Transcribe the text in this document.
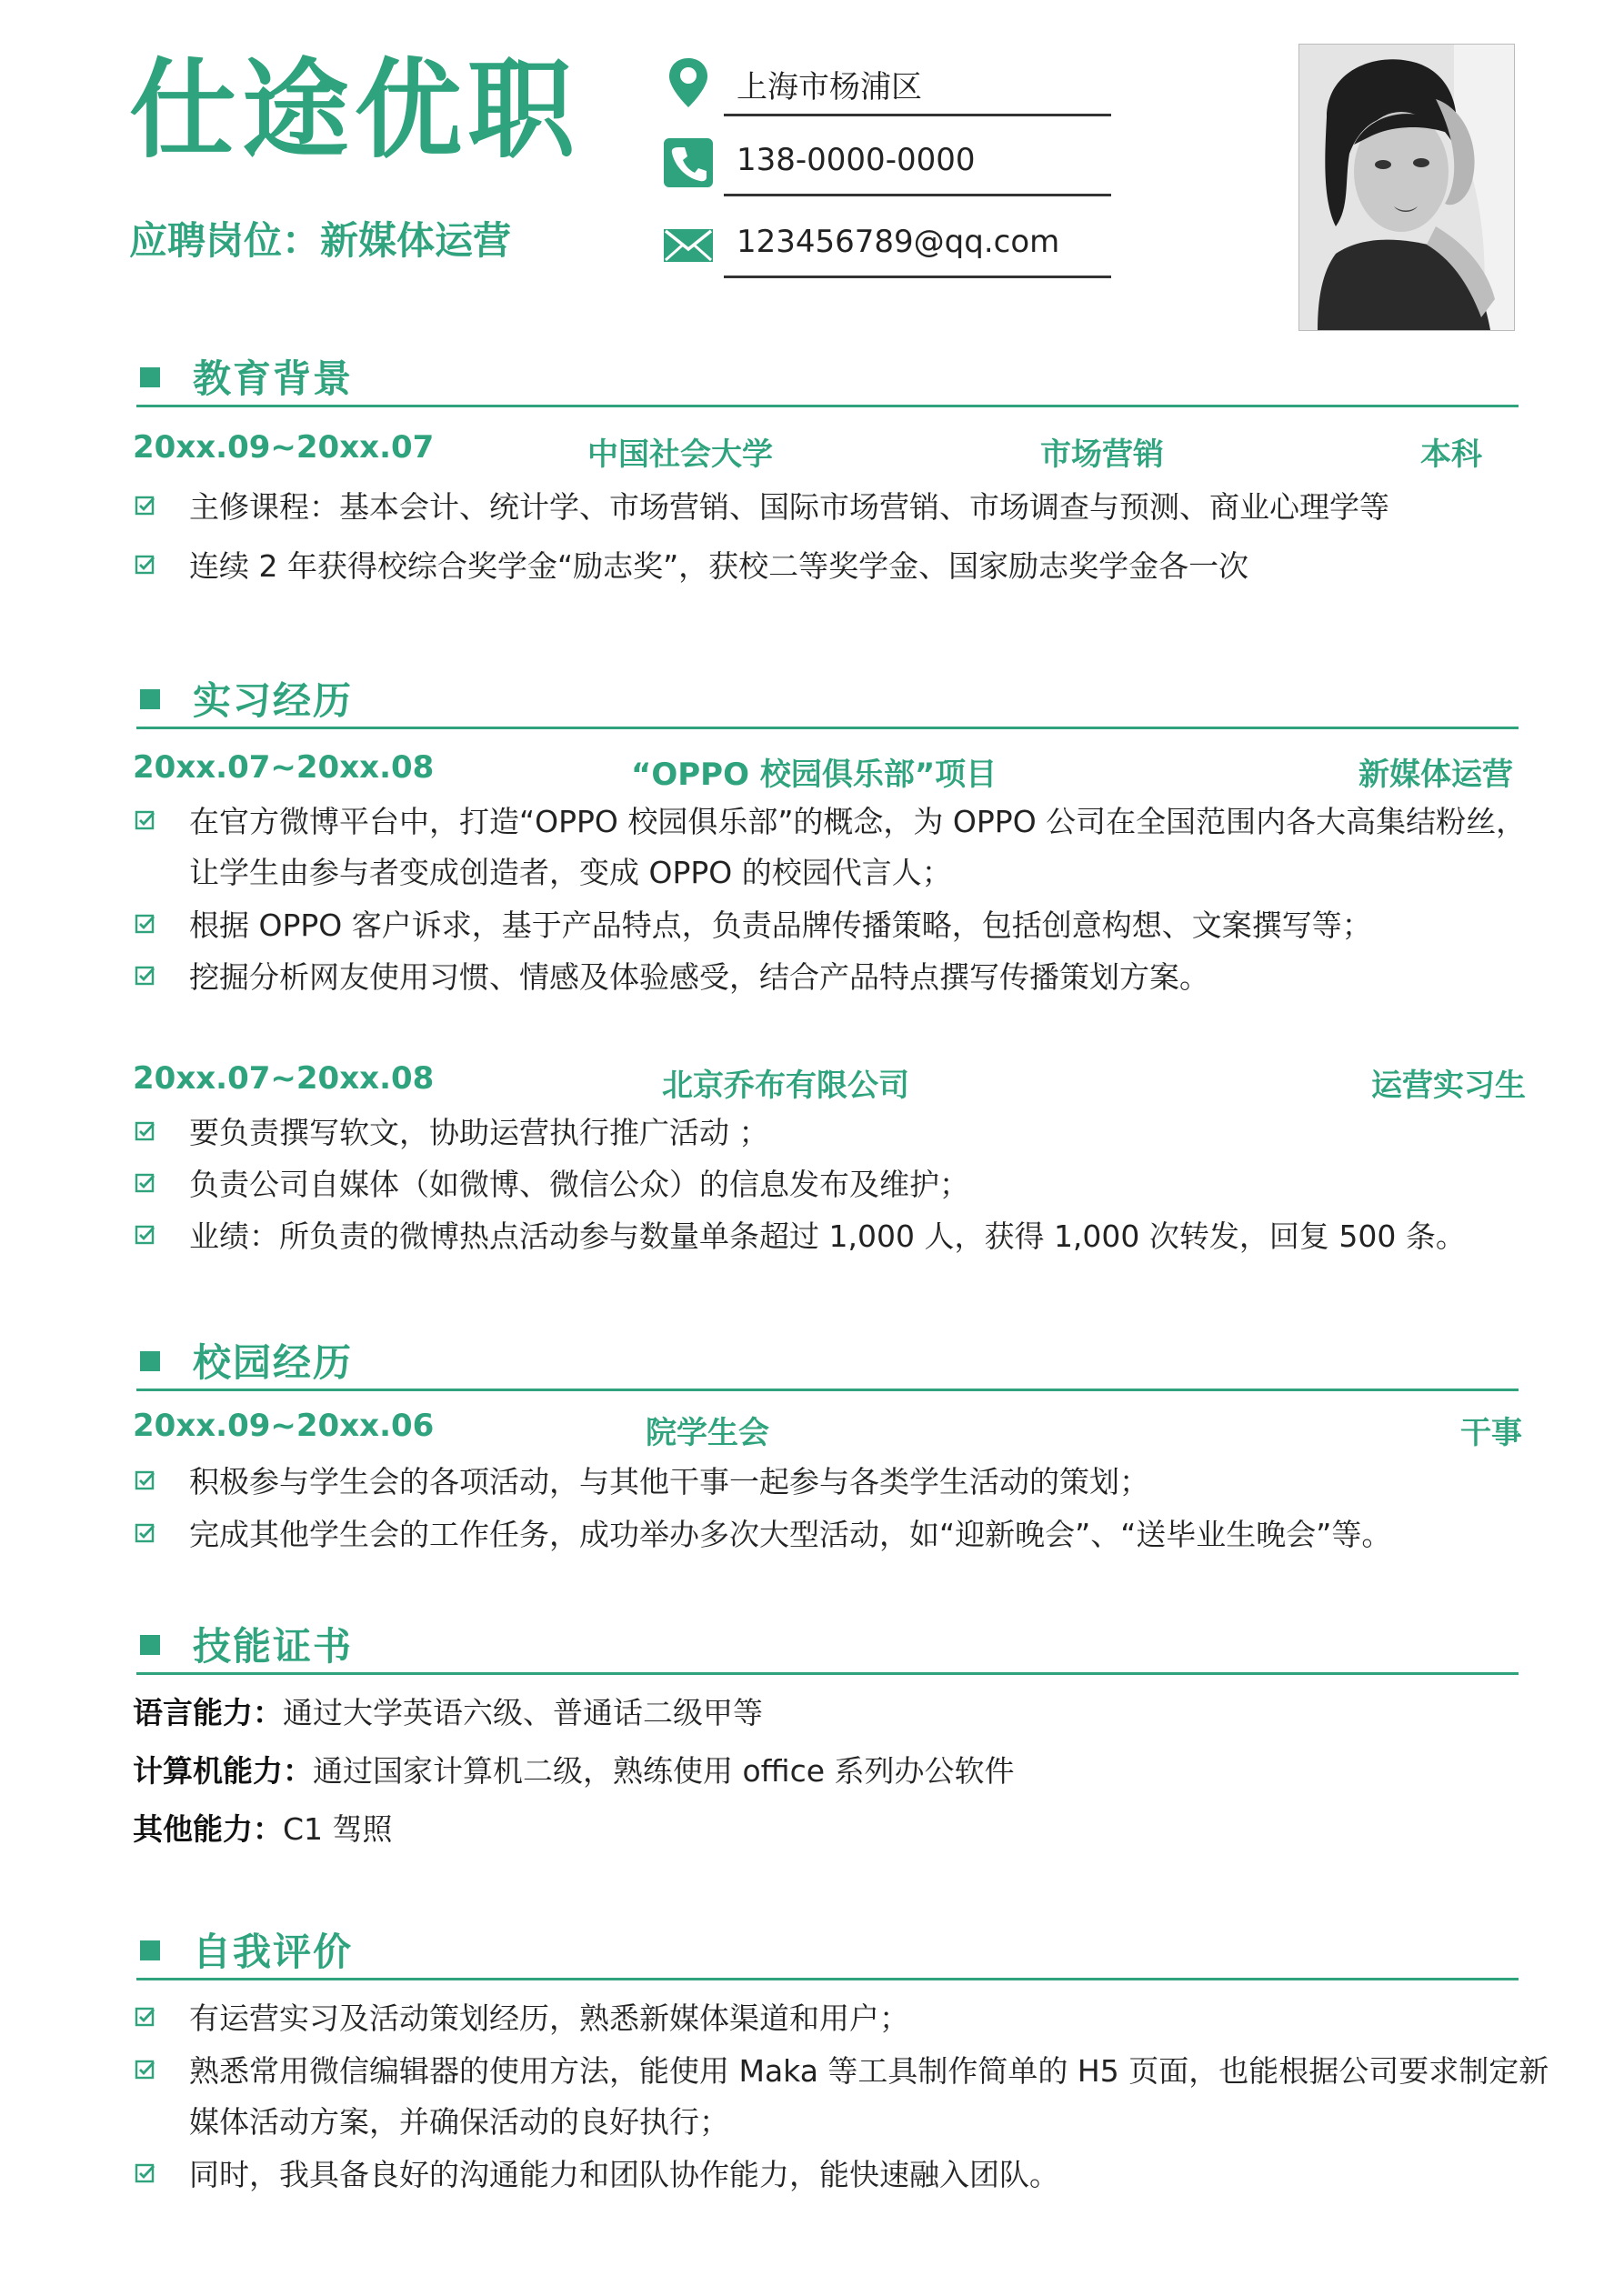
仕途优职
应聘岗位：新媒体运营
上海市杨浦区
138-0000-0000
123456789@qq.com
教育背景
20xx.09~20xx.07	中国社会大学	市场营销	本科
主修课程：基本会计、统计学、市场营销、国际市场营销、市场调查与预测、商业心理学等
连续 2 年获得校综合奖学金“励志奖”，获校二等奖学金、国家励志奖学金各一次
实习经历
20xx.07~20xx.08	“OPPO 校园俱乐部”项目	新媒体运营
在官方微博平台中，打造“OPPO 校园俱乐部”的概念，为 OPPO 公司在全国范围内各大高集结粉丝，让学生由参与者变成创造者，变成 OPPO 的校园代言人；
根据 OPPO 客户诉求，基于产品特点，负责品牌传播策略，包括创意构想、文案撰写等；
挖掘分析网友使用习惯、情感及体验感受，结合产品特点撰写传播策划方案。
20xx.07~20xx.08	北京乔布有限公司	运营实习生
要负责撰写软文，协助运营执行推广活动 ；
负责公司自媒体（如微博、微信公众）的信息发布及维护；
业绩：所负责的微博热点活动参与数量单条超过 1,000 人，获得 1,000 次转发，回复 500 条。
校园经历
20xx.09~20xx.06	院学生会	干事
积极参与学生会的各项活动，与其他干事一起参与各类学生活动的策划；
完成其他学生会的工作任务，成功举办多次大型活动，如“迎新晚会”、“送毕业生晚会”等。
技能证书
语言能力：通过大学英语六级、普通话二级甲等
计算机能力：通过国家计算机二级，熟练使用 office 系列办公软件
其他能力：C1 驾照
自我评价
有运营实习及活动策划经历，熟悉新媒体渠道和用户；
熟悉常用微信编辑器的使用方法，能使用 Maka 等工具制作简单的 H5 页面，也能根据公司要求制定新媒体活动方案，并确保活动的良好执行；
同时，我具备良好的沟通能力和团队协作能力，能快速融入团队。
